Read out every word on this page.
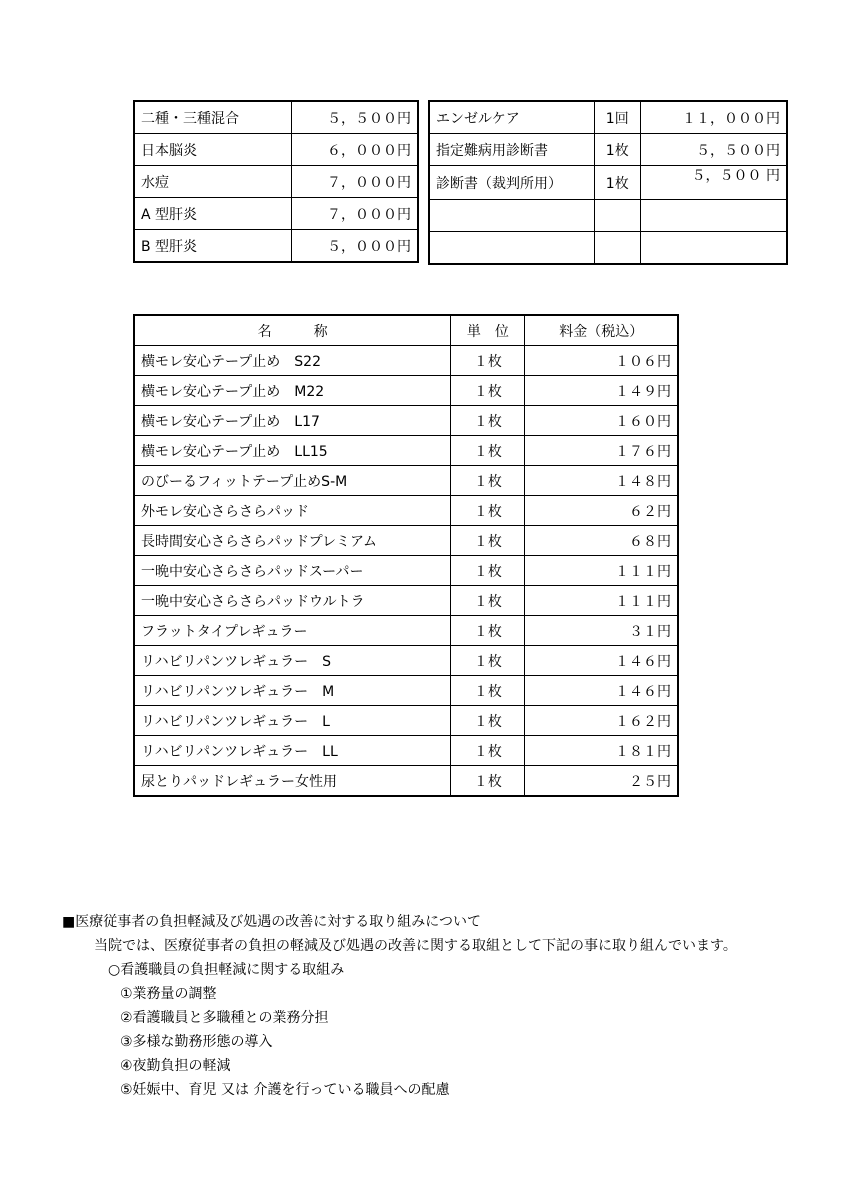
二種・三種混合	５，５００円
日本脳炎	６，０００円
水痘	７，０００円
A 型肝炎	７，０００円
B 型肝炎	５，０００円
エンゼルケア	1回	１１，０００円
指定難病用診断書	1枚	５，５００円
診断書（裁判所用）	1枚	５，５００ 円

名　　　称	単　位	料金（税込）
横モレ安心テープ止め　S22	１枚	１０６円
横モレ安心テープ止め　M22	１枚	１４９円
横モレ安心テープ止め　L17	１枚	１６０円
横モレ安心テープ止め　LL15	１枚	１７６円
のびーるフィットテープ止めS-M	１枚	１４８円
外モレ安心さらさらパッド	１枚	６２円
長時間安心さらさらパッドプレミアム	１枚	６８円
一晩中安心さらさらパッドスーパー	１枚	１１１円
一晩中安心さらさらパッドウルトラ	１枚	１１１円
フラットタイプレギュラー	１枚	３１円
リハビリパンツレギュラー　S	１枚	１４６円
リハビリパンツレギュラー　M	１枚	１４６円
リハビリパンツレギュラー　L	１枚	１６２円
リハビリパンツレギュラー　LL	１枚	１８１円
尿とりパッドレギュラー女性用	１枚	２５円

■医療従事者の負担軽減及び処遇の改善に対する取り組みについて

当院では、医療従事者の負担の軽減及び処遇の改善に関する取組として下記の事に取り組んでいます。

○看護職員の負担軽減に関する取組み

①業務量の調整

②看護職員と多職種との業務分担

③多様な勤務形態の導入

④夜勤負担の軽減

⑤妊娠中、育児 又は 介護を行っている職員への配慮
